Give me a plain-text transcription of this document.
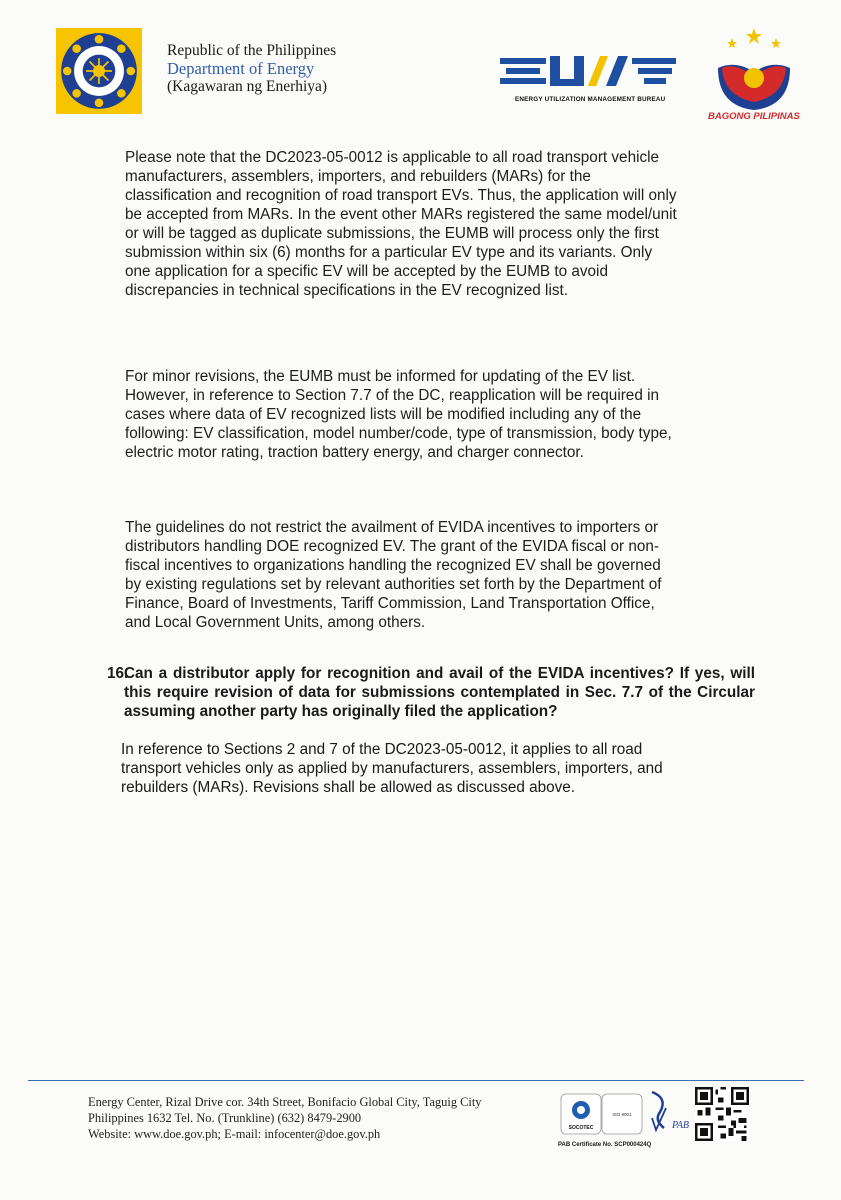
Republic of the Philippines
Department of Energy
(Kagawaran ng Enerhiya)
ENERGY UTILIZATION MANAGEMENT BUREAU
BAGONG PILIPINAS

Please note that the DC2023-05-0012 is applicable to all road transport vehicle
manufacturers, assemblers, importers, and rebuilders (MARs) for the
classification and recognition of road transport EVs. Thus, the application will only
be accepted from MARs. In the event other MARs registered the same model/unit
or will be tagged as duplicate submissions, the EUMB will process only the first
submission within six (6) months for a particular EV type and its variants. Only
one application for a specific EV will be accepted by the EUMB to avoid
discrepancies in technical specifications in the EV recognized list.

For minor revisions, the EUMB must be informed for updating of the EV list.
However, in reference to Section 7.7 of the DC, reapplication will be required in
cases where data of EV recognized lists will be modified including any of the
following: EV classification, model number/code, type of transmission, body type,
electric motor rating, traction battery energy, and charger connector.

The guidelines do not restrict the availment of EVIDA incentives to importers or
distributors handling DOE recognized EV. The grant of the EVIDA fiscal or non-
fiscal incentives to organizations handling the recognized EV shall be governed
by existing regulations set by relevant authorities set forth by the Department of
Finance, Board of Investments, Tariff Commission, Land Transportation Office,
and Local Government Units, among others.

16.

Can a distributor apply for recognition and avail of the EVIDA incentives? If yes, will this require revision of data for submissions contemplated in Sec. 7.7 of the Circular assuming another party has originally filed the application?

In reference to Sections 2 and 7 of the DC2023-05-0012, it applies to all road
transport vehicles only as applied by manufacturers, assemblers, importers, and
rebuilders (MARs). Revisions shall be allowed as discussed above.

Energy Center, Rizal Drive cor. 34th Street, Bonifacio Global City, Taguig City
Philippines 1632 Tel. No. (Trunkline) (632) 8479-2900
Website: www.doe.gov.ph; E-mail: infocenter@doe.gov.ph	SOCOTEC
ISO 9001
PAB
PAB Certificate No. SCP000424Q
